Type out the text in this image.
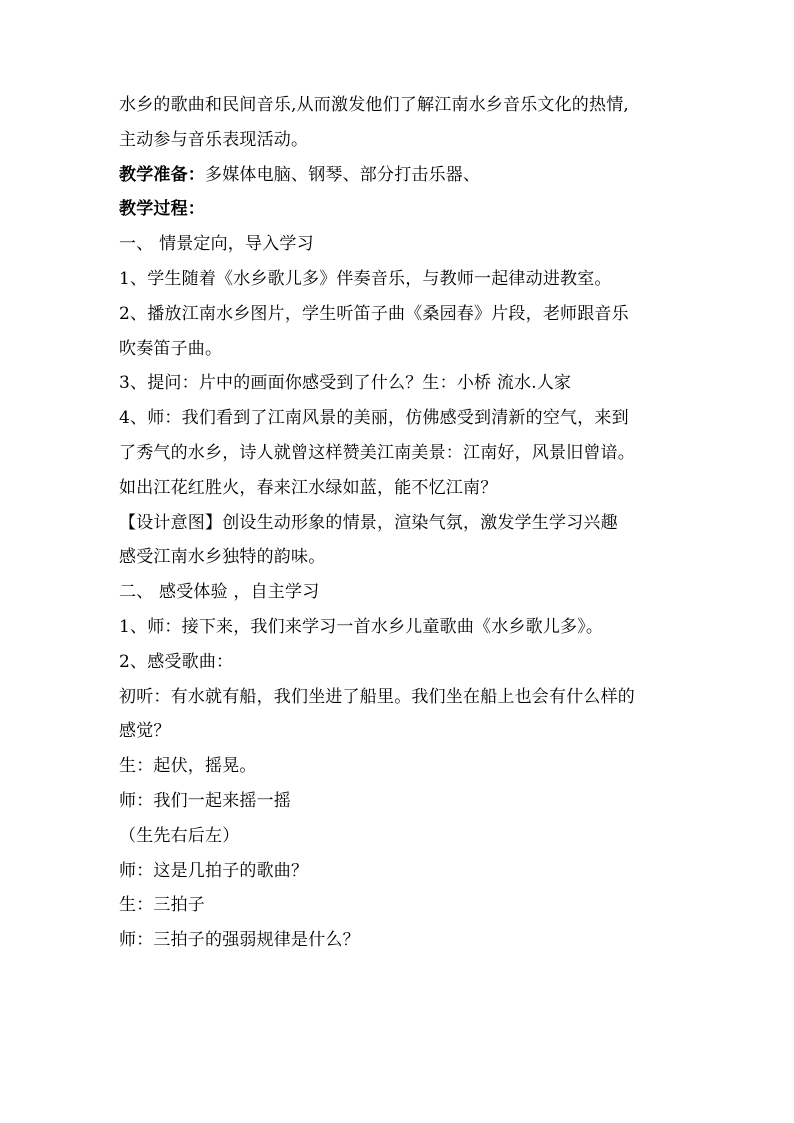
水乡的歌曲和民间音乐,从而激发他们了解江南水乡音乐文化的热情,
主动参与音乐表现活动。
教学准备：多媒体电脑、钢琴、部分打击乐器、
教学过程：
一、 情景定向，导入学习
1、学生随着《水乡歌儿多》伴奏音乐，与教师一起律动进教室。
2、播放江南水乡图片，学生听笛子曲《桑园春》片段，老师跟音乐
吹奏笛子曲。
3、提问：片中的画面你感受到了什么？生：小桥 流水.人家
4、师：我们看到了江南风景的美丽，仿佛感受到清新的空气，来到
了秀气的水乡，诗人就曾这样赞美江南美景：江南好，风景旧曾谙。
如出江花红胜火，春来江水绿如蓝，能不忆江南？
【设计意图】创设生动形象的情景，渲染气氛，激发学生学习兴趣
感受江南水乡独特的韵味。
二、 感受体验 ，自主学习
1、师：接下来，我们来学习一首水乡儿童歌曲《水乡歌儿多》。
2、感受歌曲：
初听：有水就有船，我们坐进了船里。我们坐在船上也会有什么样的
感觉？
生：起伏，摇晃。
师：我们一起来摇一摇
（生先右后左）
师：这是几拍子的歌曲？
生：三拍子
师：三拍子的强弱规律是什么？
